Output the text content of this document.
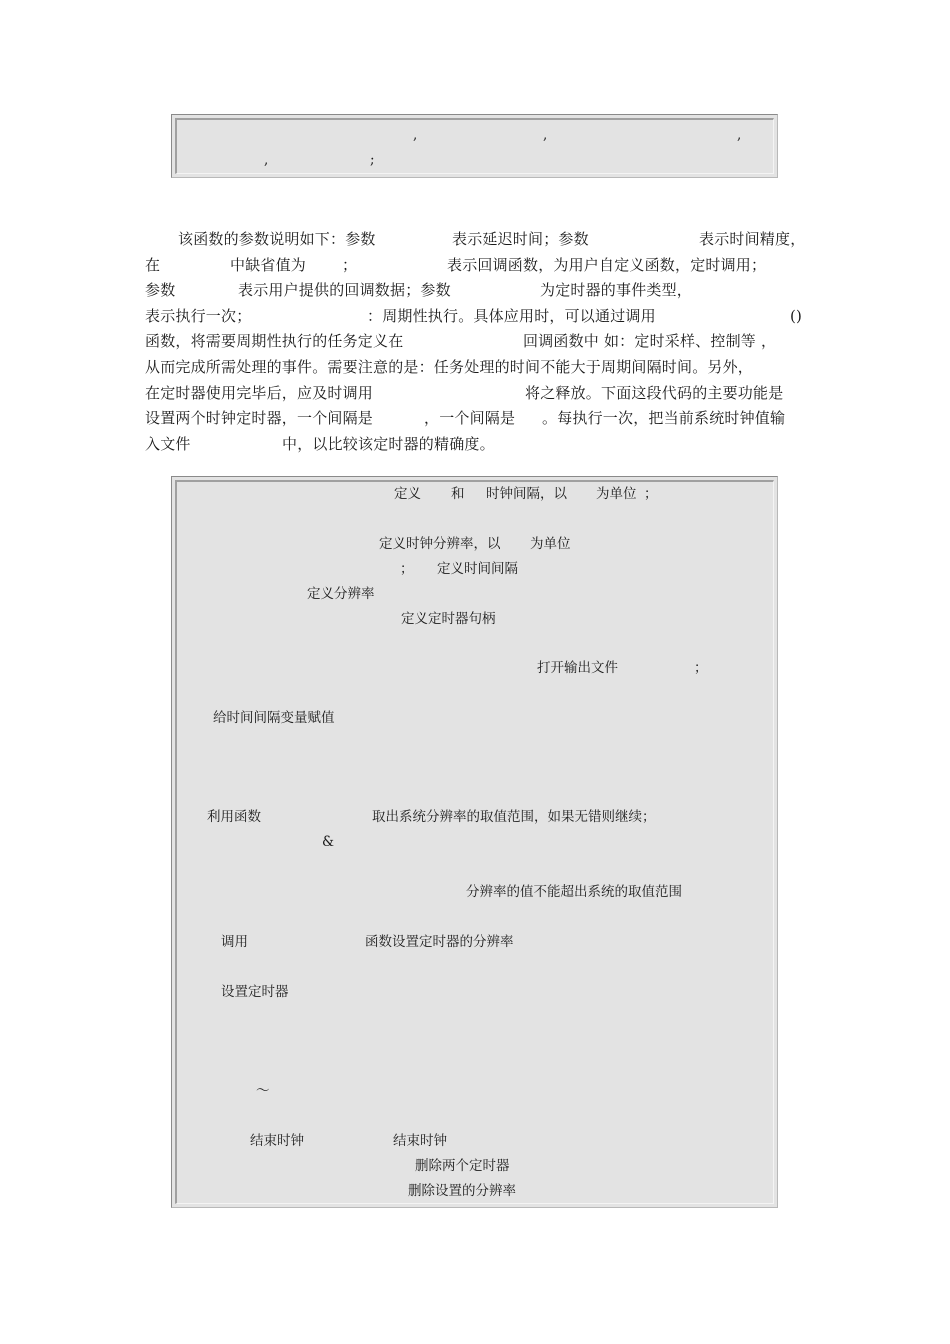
,	,	,
,	;
该函数的参数说明如下：参数	表示延迟时间；参数	表示时间精度，
在	中缺省值为 ；	表示回调函数，为用户自定义函数，定时调用；
参数	表示用户提供的回调数据；参数	为定时器的事件类型，
表示执行一次；	：周期性执行。具体应用时，可以通过调用	()
函数，将需要周期性执行的任务定义在	回调函数中 如：定时采样、控制等 ，
从而完成所需处理的事件。需要注意的是：任务处理的时间不能大于周期间隔时间。另外，
在定时器使用完毕后，应及时调用	将之释放。下面这段代码的主要功能是
设置两个时钟定时器，一个间隔是	，一个间隔是 。每执行一次，把当前系统时钟值输
入文件	中，以比较该定时器的精确度。
定义 和 时钟间隔，以 为单位 ；
定义时钟分辨率，以 为单位
； 定义时间间隔
定义分辨率
定义定时器句柄
打开输出文件	；
给时间间隔变量赋值
利用函数	取出系统分辨率的取值范围，如果无错则继续；
&
分辨率的值不能超出系统的取值范围
调用	函数设置定时器的分辨率
设置定时器
～
结束时钟	结束时钟
删除两个定时器
删除设置的分辨率
